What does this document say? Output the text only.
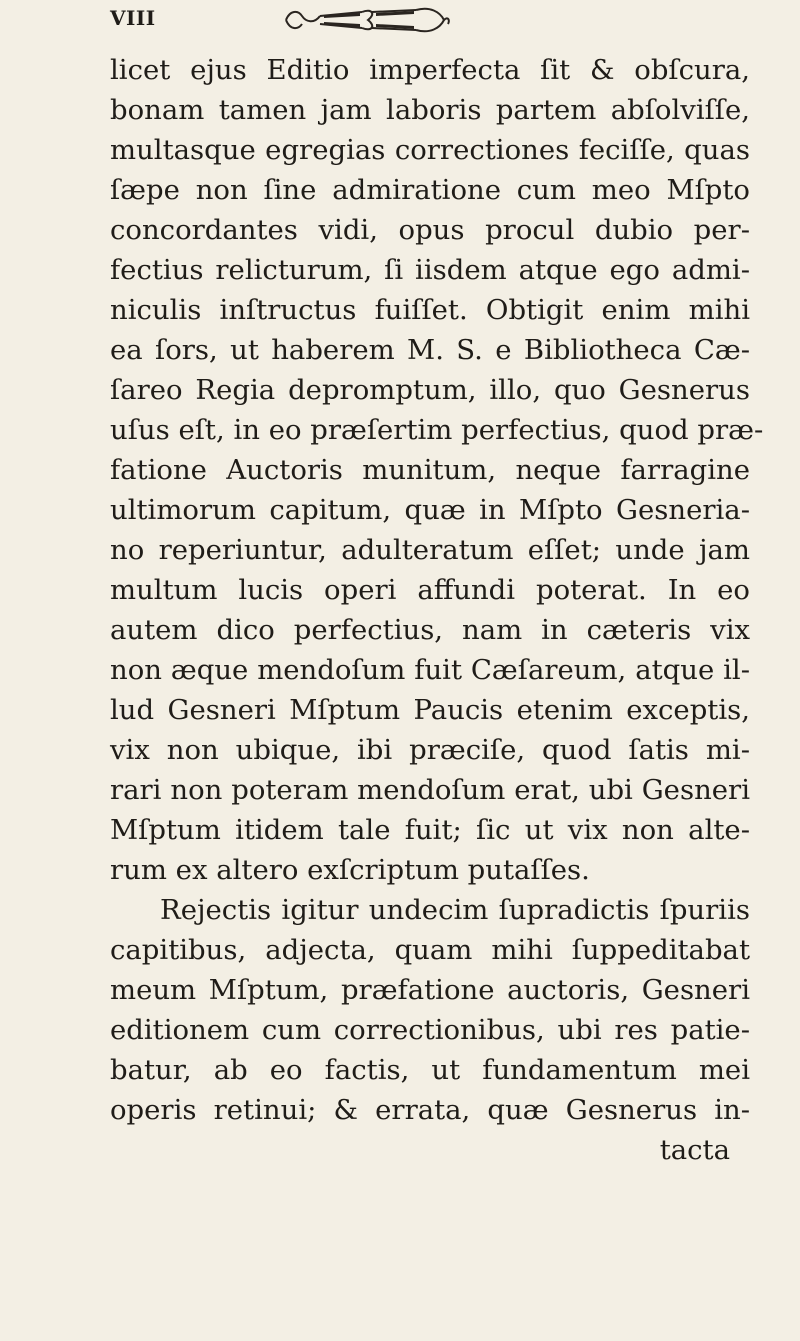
VIII
licet ejus Editio imperfecta ſit & obſcura,
bonam tamen jam laboris partem abſolviſſe,
multasque egregias correctiones feciſſe, quas
ſæpe non ſine admiratione cum meo Mſpto
concordantes vidi, opus procul dubio per-
fectius relicturum, ſi iisdem atque ego admi-
niculis inſtructus fuiſſet. Obtigit enim mihi
ea ſors, ut haberem M. S. e Bibliotheca Cæ-
ſareo Regia depromptum, illo, quo Gesnerus
uſus eſt, in eo præſertim perfectius, quod præ-
fatione Auctoris munitum, neque farragine
ultimorum capitum, quæ in Mſpto Gesneria-
no reperiuntur, adulteratum eſſet; unde jam
multum lucis operi affundi poterat. In eo
autem dico perfectius, nam in cæteris vix
non æque mendoſum fuit Cæſareum, atque il-
lud Gesneri Mſptum Paucis etenim exceptis,
vix non ubique, ibi præciſe, quod ſatis mi-
rari non poteram mendoſum erat, ubi Gesneri
Mſptum itidem tale fuit; ſic ut vix non alte-
rum ex altero exſcriptum putaſſes.
Rejectis igitur undecim ſupradictis ſpuriis
capitibus, adjecta, quam mihi ſuppeditabat
meum Mſptum, præfatione auctoris, Gesneri
editionem cum correctionibus, ubi res patie-
batur, ab eo factis, ut fundamentum mei
operis retinui; & errata, quæ Gesnerus in-
tacta
